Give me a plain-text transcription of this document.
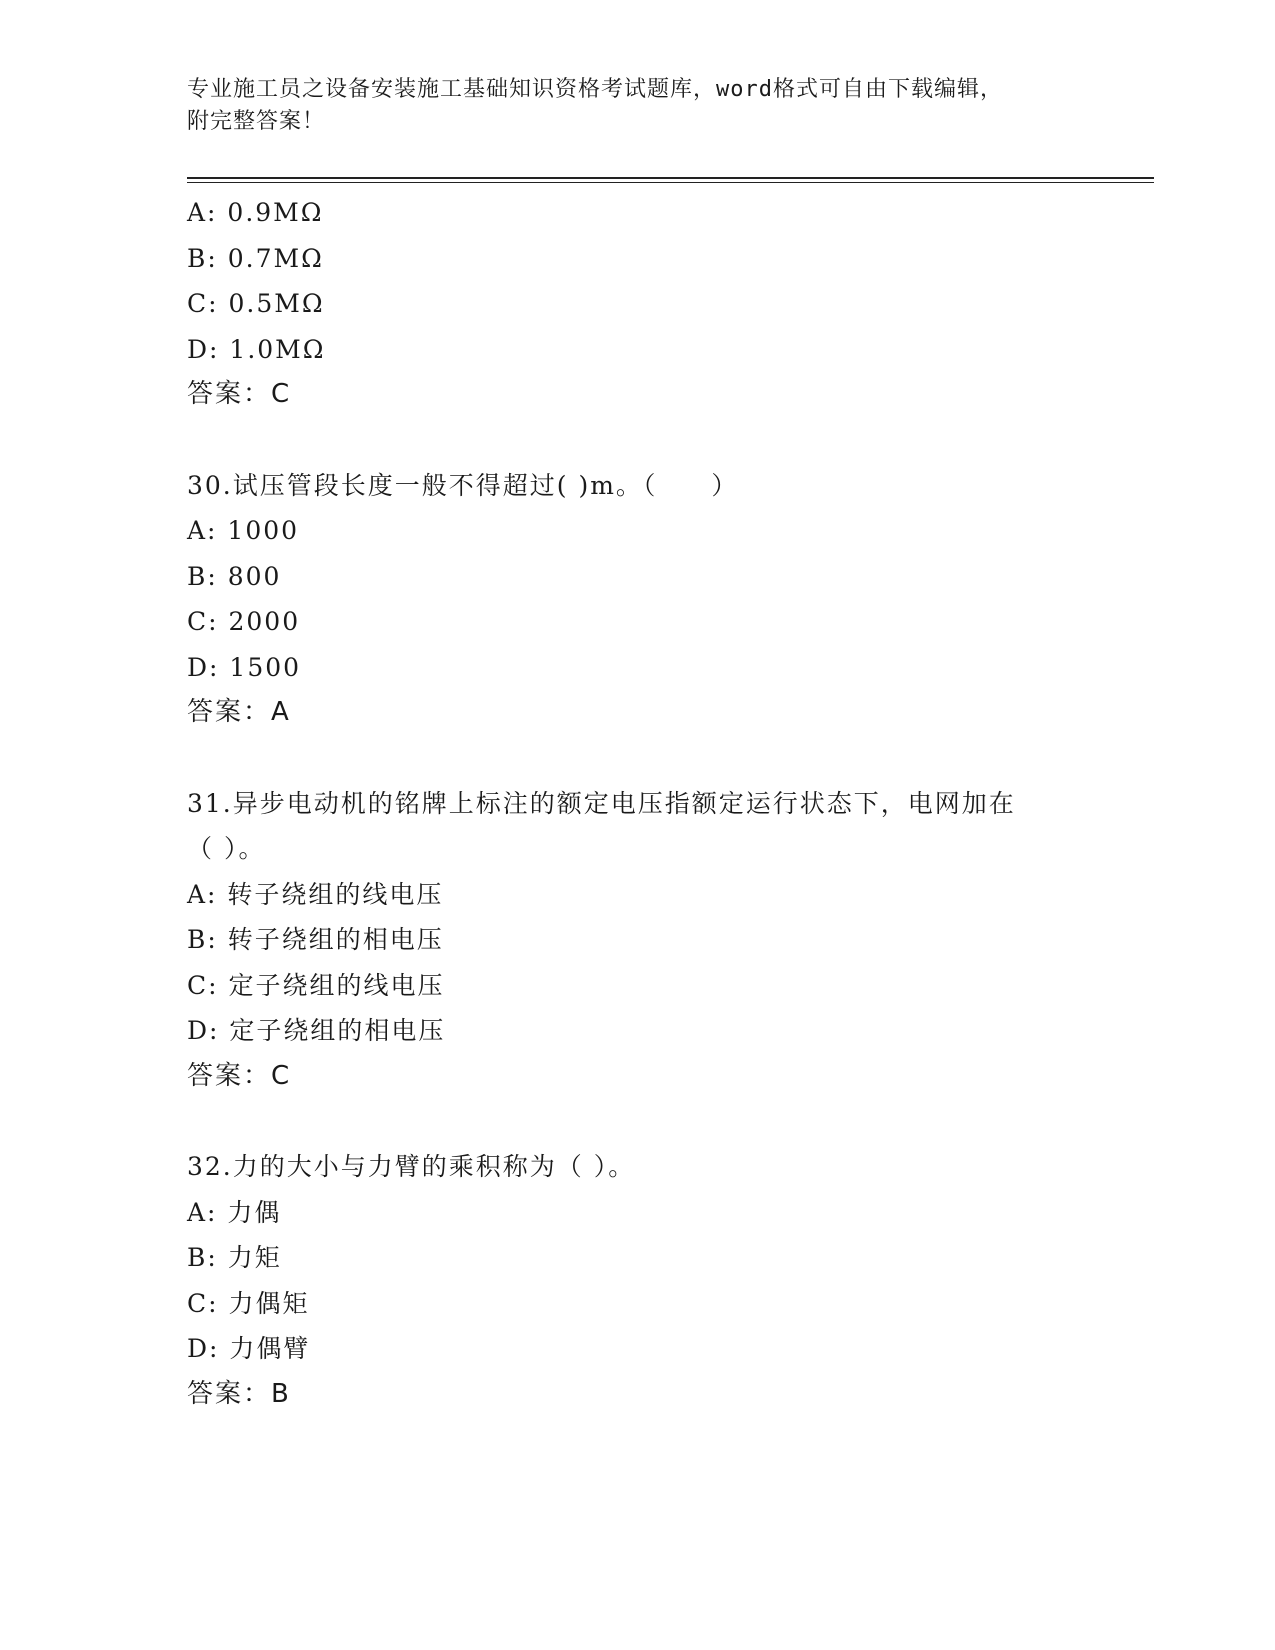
专业施工员之设备安装施工基础知识资格考试题库，word格式可自由下载编辑，
附完整答案！
A: 0.9MΩ
B: 0.7MΩ
C: 0.5MΩ
D: 1.0MΩ
答案：C
30.试压管段长度一般不得超过( )m。（　　）
A: 1000
B: 800
C: 2000
D: 1500
答案：A
31.异步电动机的铭牌上标注的额定电压指额定运行状态下，电网加在
（ ）。
A: 转子绕组的线电压
B: 转子绕组的相电压
C: 定子绕组的线电压
D: 定子绕组的相电压
答案：C
32.力的大小与力臂的乘积称为（ ）。
A: 力偶
B: 力矩
C: 力偶矩
D: 力偶臂
答案：B
